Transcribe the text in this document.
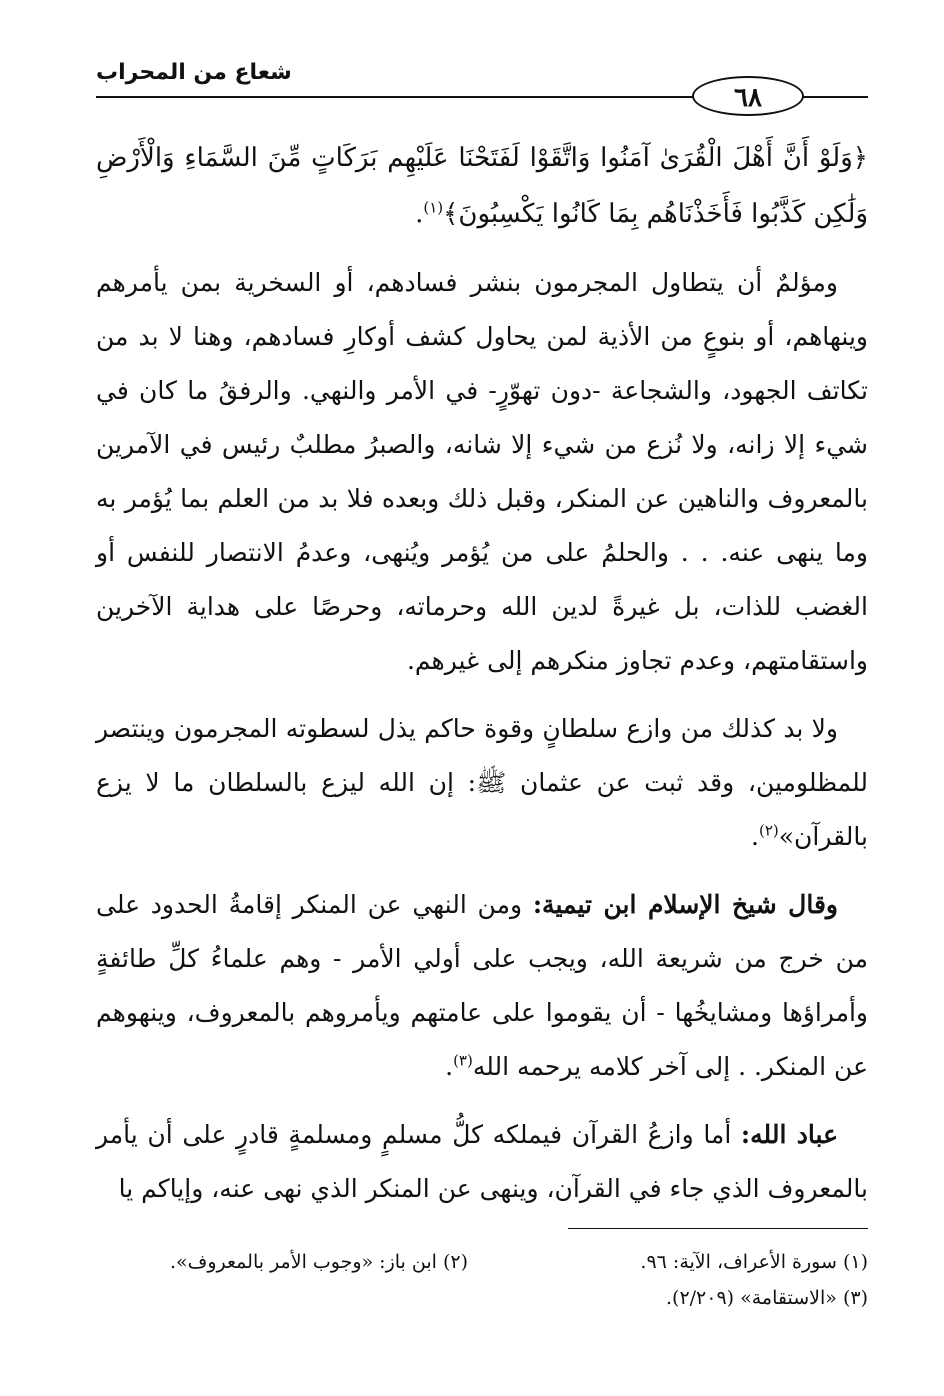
شعاع من المحراب
٦٨

﴿وَلَوْ أَنَّ أَهْلَ الْقُرَىٰ آمَنُوا وَاتَّقَوْا لَفَتَحْنَا عَلَيْهِم بَرَكَاتٍ مِّنَ السَّمَاءِ وَالْأَرْضِ وَلَٰكِن كَذَّبُوا فَأَخَذْنَاهُم بِمَا كَانُوا يَكْسِبُونَ﴾$^{(١)}$.

ومؤلمٌ أن يتطاول المجرمون بنشر فسادهم، أو السخرية بمن يأمرهم وينهاهم، أو بنوعٍ من الأذية لمن يحاول كشف أوكارِ فسادهم، وهنا لا بد من تكاتف الجهود، والشجاعة -دون تهوّرٍ- في الأمر والنهي. والرفقُ ما كان في شيء إلا زانه، ولا نُزع من شيء إلا شانه، والصبرُ مطلبٌ رئيس في الآمرين بالمعروف والناهين عن المنكر، وقبل ذلك وبعده فلا بد من العلم بما يُؤمر به وما ينهى عنه. . . والحلمُ على من يُؤمر ويُنهى، وعدمُ الانتصار للنفس أو الغضب للذات، بل غيرةً لدين الله وحرماته، وحرصًا على هداية الآخرين واستقامتهم، وعدم تجاوز منكرهم إلى غيرهم.

ولا بد كذلك من وازع سلطانٍ وقوة حاكم يذل لسطوته المجرمون وينتصر للمظلومين، وقد ثبت عن عثمان ﷺ: إن الله ليزع بالسلطان ما لا يزع بالقرآن»$^{(٢)}$.

وقال شيخ الإسلام ابن تيمية: ومن النهي عن المنكر إقامةُ الحدود على من خرج من شريعة الله، ويجب على أولي الأمر - وهم علماءُ كلِّ طائفةٍ وأمراؤها ومشايخُها - أن يقوموا على عامتهم ويأمروهم بالمعروف، وينهوهم عن المنكر. . إلى آخر كلامه يرحمه الله$^{(٣)}$.

عباد الله: أما وازعُ القرآن فيملكه كلُّ مسلمٍ ومسلمةٍ قادرٍ على أن يأمر بالمعروف الذي جاء في القرآن، وينهى عن المنكر الذي نهى عنه، وإياكم يا

(١) سورة الأعراف، الآية: ٩٦.
(٢) ابن باز: «وجوب الأمر بالمعروف».
(٣) «الاستقامة» (٢/٢٠٩).
